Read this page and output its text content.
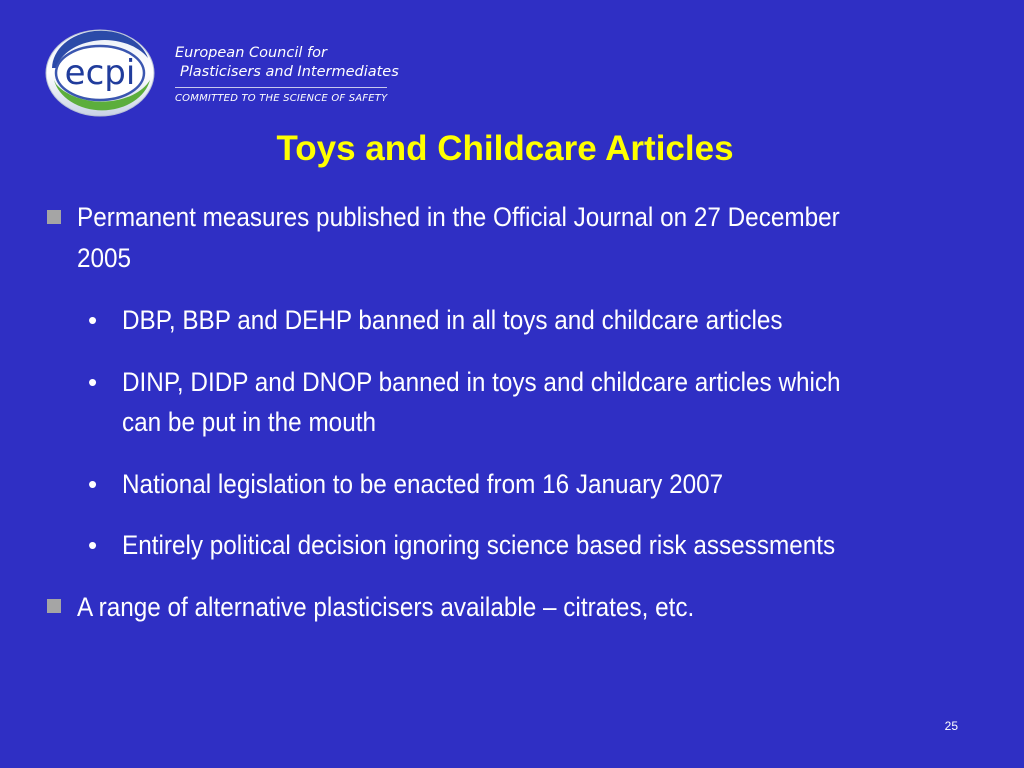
ecpi	European Council for
Plasticisers and Intermediates
COMMITTED TO THE SCIENCE OF SAFETY
Toys and Childcare Articles
Permanent measures published in the Official Journal on 27 December
2005
• DBP, BBP and DEHP banned in all toys and childcare articles
• DINP, DIDP and DNOP banned in toys and childcare articles which
can be put in the mouth
• National legislation to be enacted from 16 January 2007
• Entirely political decision ignoring science based risk assessments
A range of alternative plasticisers available – citrates, etc.
25
